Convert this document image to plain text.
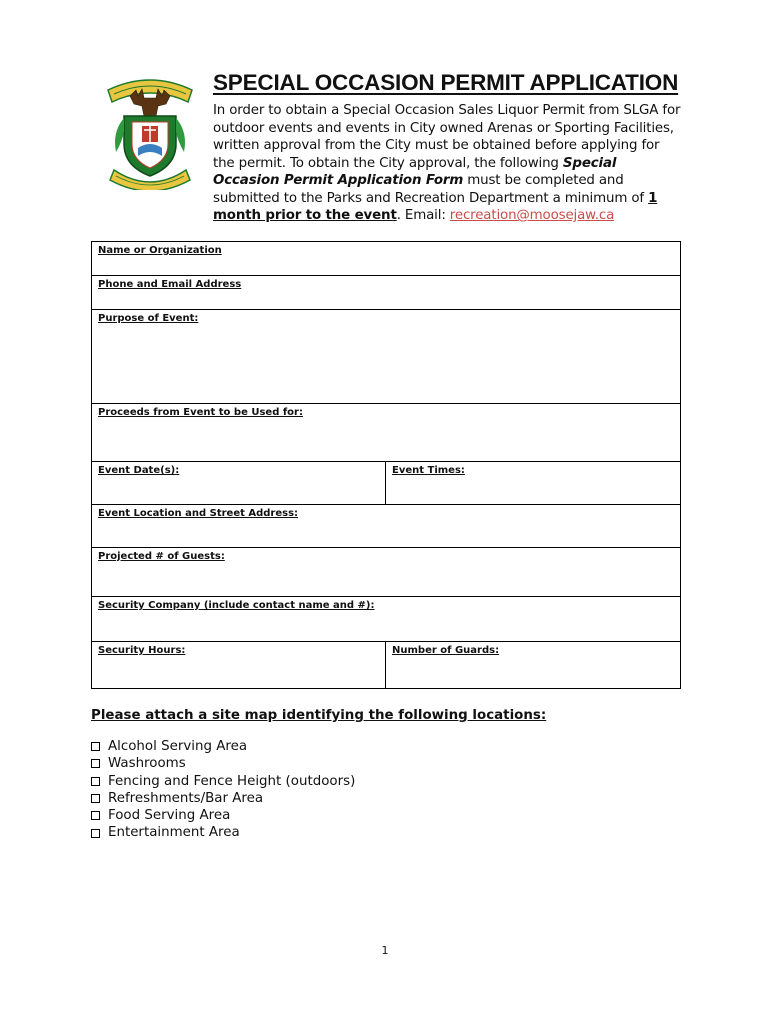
SPECIAL OCCASION PERMIT APPLICATION

In order to obtain a Special Occasion Sales Liquor Permit from SLGA for outdoor events and events in City owned Arenas or Sporting Facilities, written approval from the City must be obtained before applying for the permit. To obtain the City approval, the following Special Occasion Permit Application Form must be completed and submitted to the Parks and Recreation Department a minimum of 1 month prior to the event. Email: recreation@moosejaw.ca

Name or Organization	
Phone and Email Address	
Purpose of Event:	
Proceeds from Event to be Used for:	
Event Date(s):	Event Times:
Event Location and Street Address:	
Projected # of Guests:	
Security Company (include contact name and #):	
Security Hours:	Number of Guards:

Please attach a site map identifying the following locations:

Alcohol Serving Area
Washrooms
Fencing and Fence Height (outdoors)
Refreshments/Bar Area
Food Serving Area
Entertainment Area
1
